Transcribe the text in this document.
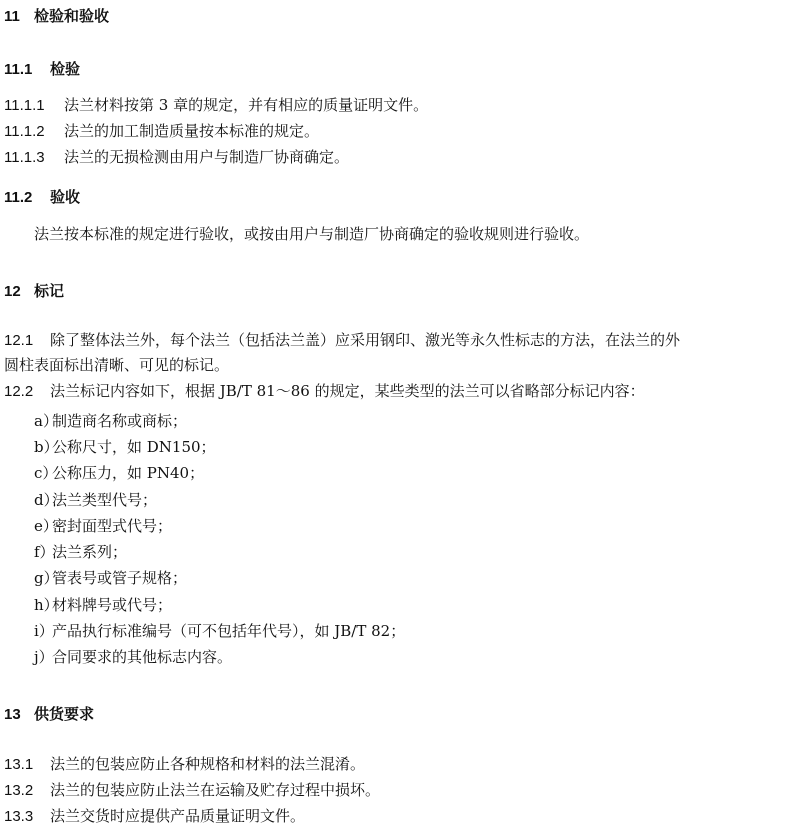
11 检验和验收
11.1 检验
11.1.1 法兰材料按第 3 章的规定，并有相应的质量证明文件。
11.1.2 法兰的加工制造质量按本标准的规定。
11.1.3 法兰的无损检测由用户与制造厂协商确定。
11.2 验收
法兰按本标准的规定进行验收，或按由用户与制造厂协商确定的验收规则进行验收。
12 标记
12.1 除了整体法兰外，每个法兰（包括法兰盖）应采用钢印、激光等永久性标志的方法，在法兰的外
圆柱表面标出清晰、可见的标记。
12.2 法兰标记内容如下，根据 JB/T 81～86 的规定，某些类型的法兰可以省略部分标记内容：
a）制造商名称或商标；
b）公称尺寸，如 DN150；
c）公称压力，如 PN40；
d）法兰类型代号；
e）密封面型式代号；
f）法兰系列；
g）管表号或管子规格；
h）材料牌号或代号；
i）产品执行标准编号（可不包括年代号），如 JB/T 82；
j）合同要求的其他标志内容。
13 供货要求
13.1 法兰的包装应防止各种规格和材料的法兰混淆。
13.2 法兰的包装应防止法兰在运输及贮存过程中损坏。
13.3 法兰交货时应提供产品质量证明文件。
